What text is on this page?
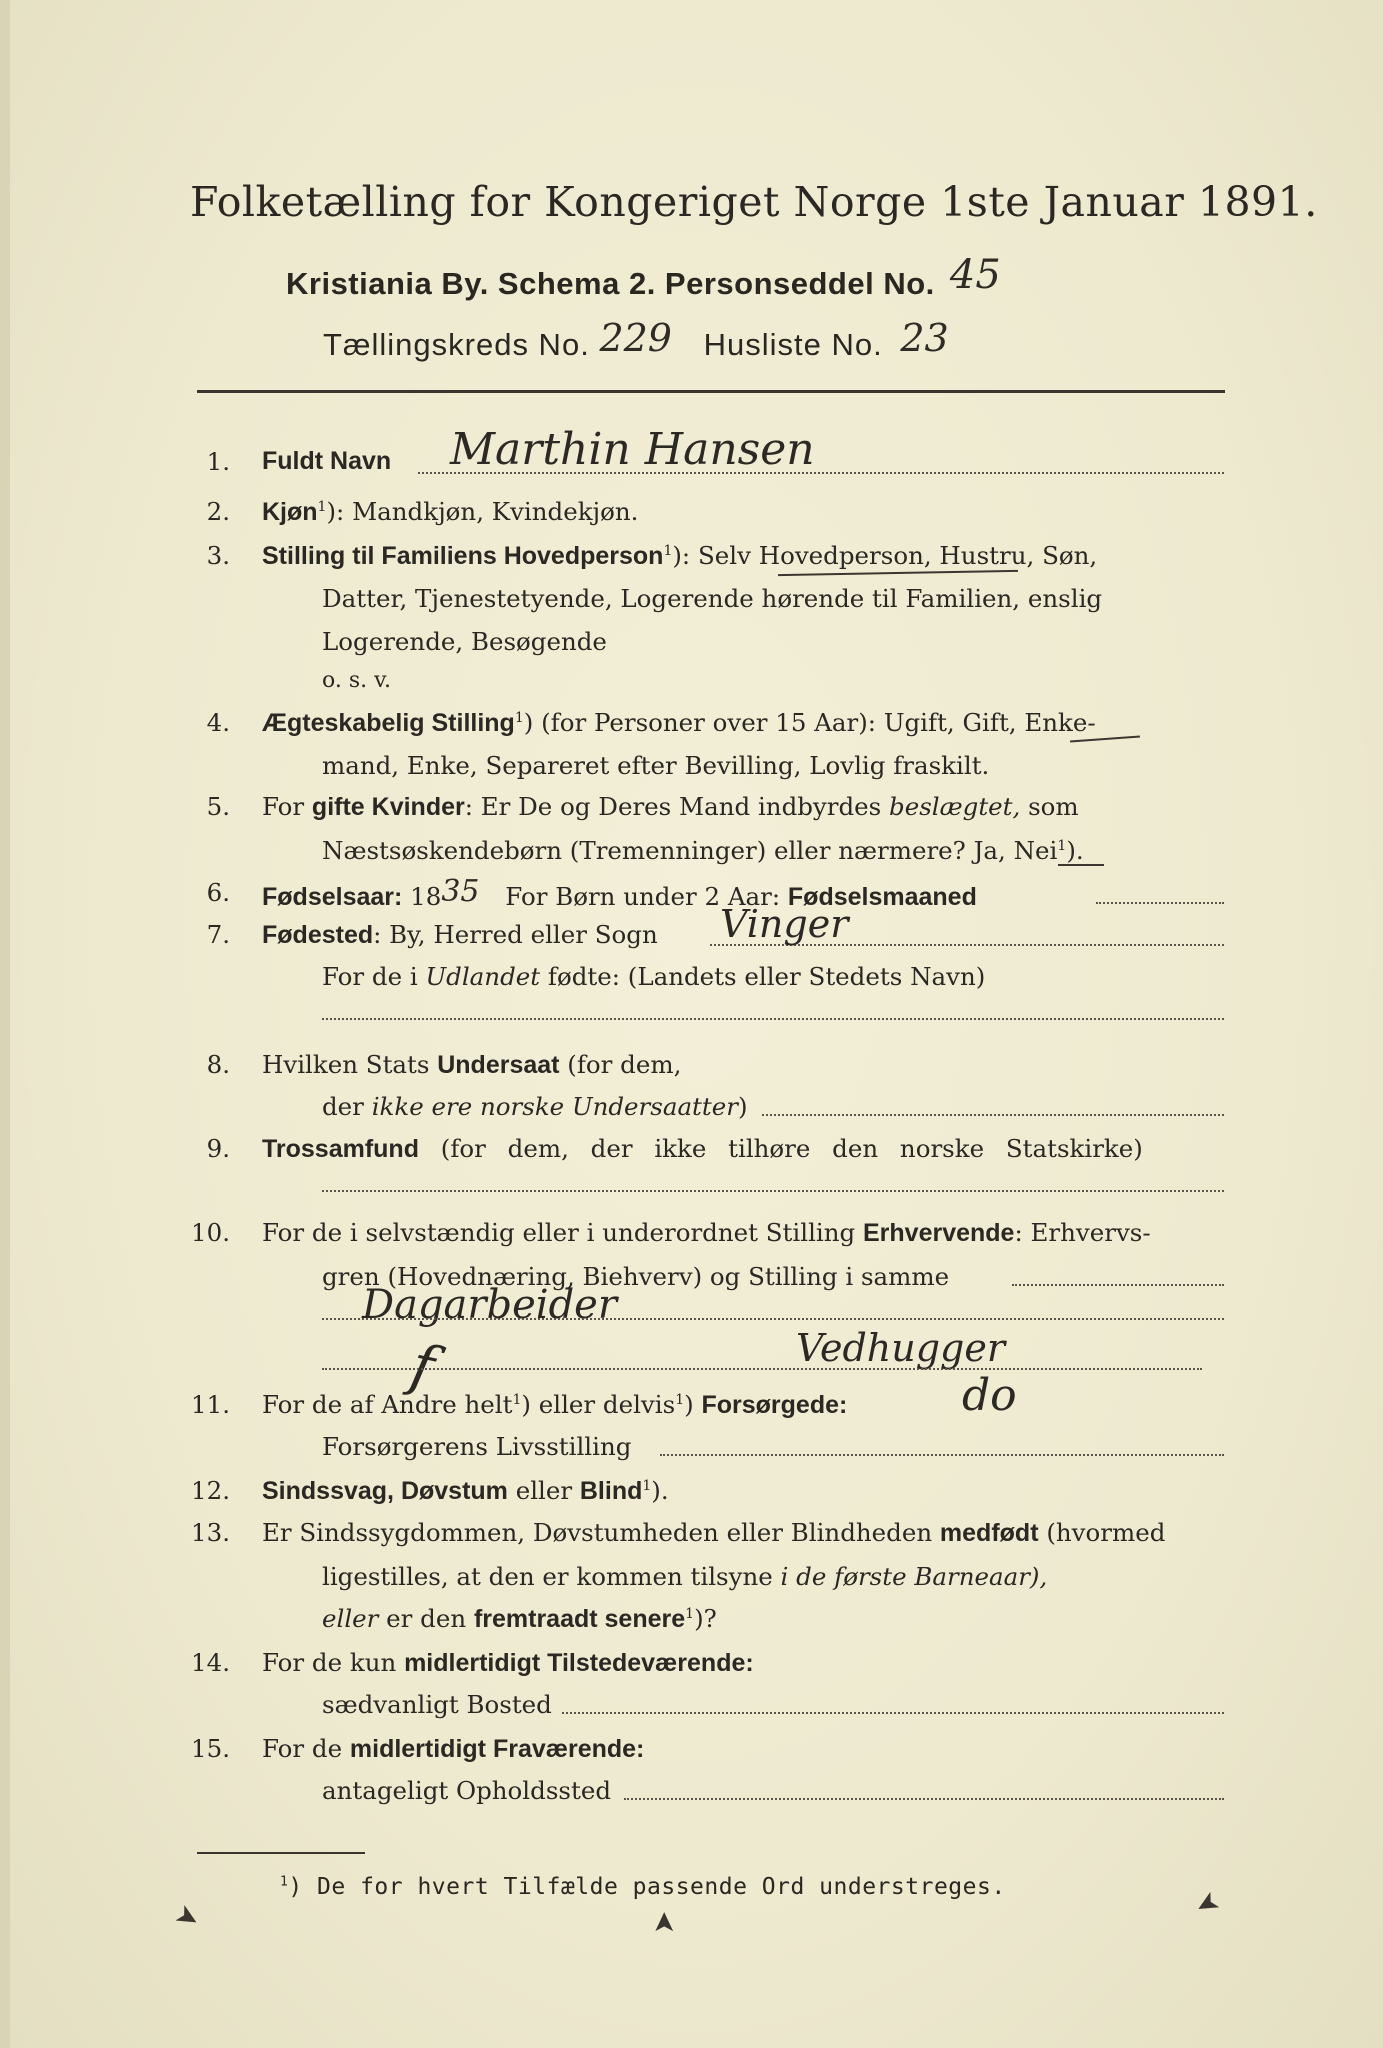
Folketælling for Kongeriget Norge 1ste Januar 1891.
Kristiania By. Schema 2. Personseddel No. 45
Tællingskreds No. 229 Husliste No. 23
1. Fuldt Navn Marthin Hansen
2. Kjøn$^1$): Mandkjøn, Kvindekjøn.
3. Stilling til Familiens Hovedperson$^1$): Selv Hovedperson, Hustru, Søn,
Datter, Tjenestetyende, Logerende hørende til Familien, enslig
Logerende, Besøgende
o. s. v.
4. Ægteskabelig Stilling$^1$) (for Personer over 15 Aar): Ugift, Gift, Enke-
mand, Enke, Separeret efter Bevilling, Lovlig fraskilt.
5. For gifte Kvinder: Er De og Deres Mand indbyrdes beslægtet, som
Næstsøskendebørn (Tremenninger) eller nærmere? Ja, Nei$^1$).
6. Fødselsaar: 1835 For Børn under 2 Aar: Fødselsmaaned
7. Fødested: By, Herred eller Sogn Vinger
For de i Udlandet fødte: (Landets eller Stedets Navn)
8. Hvilken Stats Undersaat (for dem,
der ikke ere norske Undersaatter)
9. Trossamfund (for dem, der ikke tilhøre den norske Statskirke)
10. For de i selvstændig eller i underordnet Stilling Erhvervende: Erhvervs-
gren (Hovednæring, Biehverv) og Stilling i samme
Dagarbeider
Vedhugger
f
11. For de af Andre helt$^1$) eller delvis$^1$) Forsørgede:	do
Forsørgerens Livsstilling
12. Sindssvag, Døvstum eller Blind$^1$).
13. Er Sindssygdommen, Døvstumheden eller Blindheden medfødt (hvormed
ligestilles, at den er kommen tilsyne i de første Barneaar),
eller er den fremtraadt senere$^1$)?
14. For de kun midlertidigt Tilstedeværende:
sædvanligt Bosted
15. For de midlertidigt Fraværende:
antageligt Opholdssted
$^1$) De for hvert Tilfælde passende Ord understreges.
➤	➤	➤
